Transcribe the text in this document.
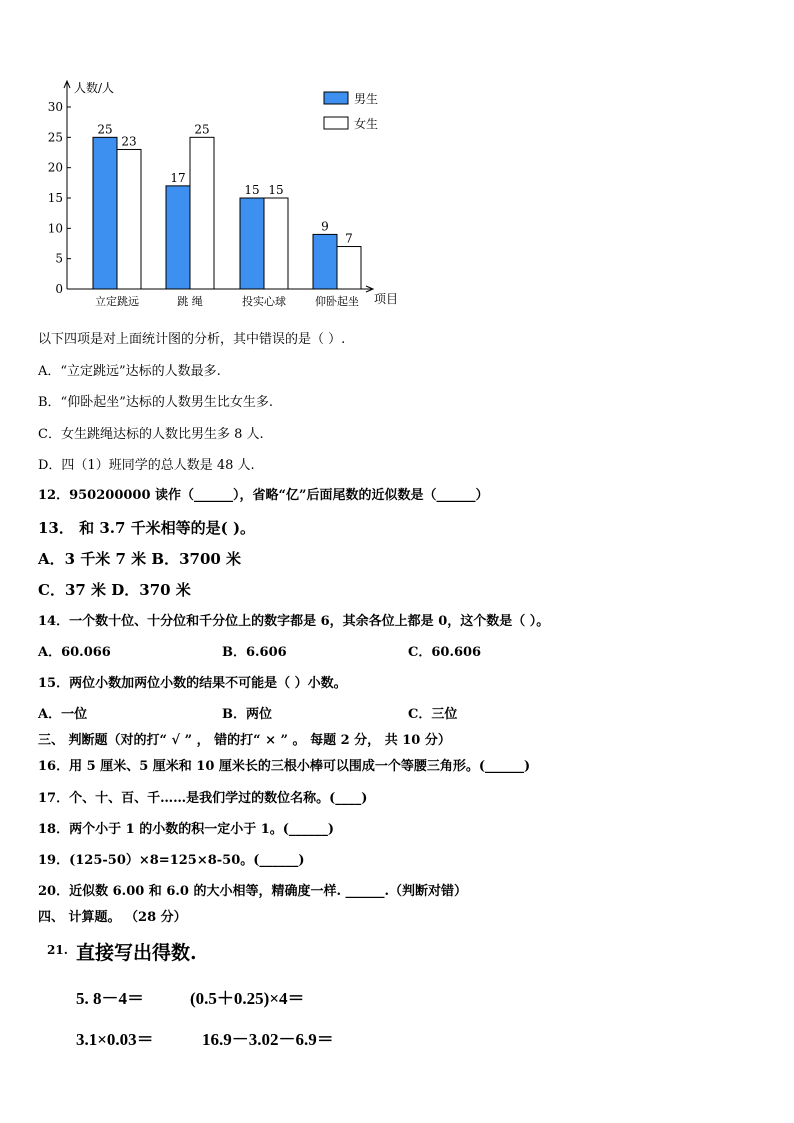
0
5
10
15
20
25
30
25
23
17
25
15 15
9
7
立定跳远	跳 绳	投实心球	仰卧起坐
人数/人
项目
男生
女生
以下四项是对上面统计图的分析，其中错误的是（ ）.
A．“立定跳远”达标的人数最多.
B．“仰卧起坐”达标的人数男生比女生多.
C．女生跳绳达标的人数比男生多 8 人.
D．四（1）班同学的总人数是 48 人.
12．950200000 读作（______），省略“亿”后面尾数的近似数是（______）
13． 和 3.7 千米相等的是( )。
A．3 千米 7 米 B．3700 米
C．37 米 D．370 米
14．一个数十位、十分位和千分位上的数字都是 6，其余各位上都是 0，这个数是（ ）。
A．60.066	B．6.606	C．60.606
15．两位小数加两位小数的结果不可能是（ ）小数。
A．一位	B．两位	C．三位
三、 判断题（对的打“ √ ” ， 错的打“ × ” 。 每题 2 分， 共 10 分）
16．用 5 厘米、5 厘米和 10 厘米长的三根小棒可以围成一个等腰三角形。(______)
17．个、十、百、千……是我们学过的数位名称。(____)
18．两个小于 1 的小数的积一定小于 1。(______)
19．(125-50）×8=125×8-50。(______)
20．近似数 6.00 和 6.0 的大小相等，精确度一样. ______.（判断对错）
四、 计算题。 （28 分）
21. 直接写出得数.
5. 8－4＝	(0.5＋0.25)×4＝
3.1×0.03＝	16.9－3.02－6.9＝
